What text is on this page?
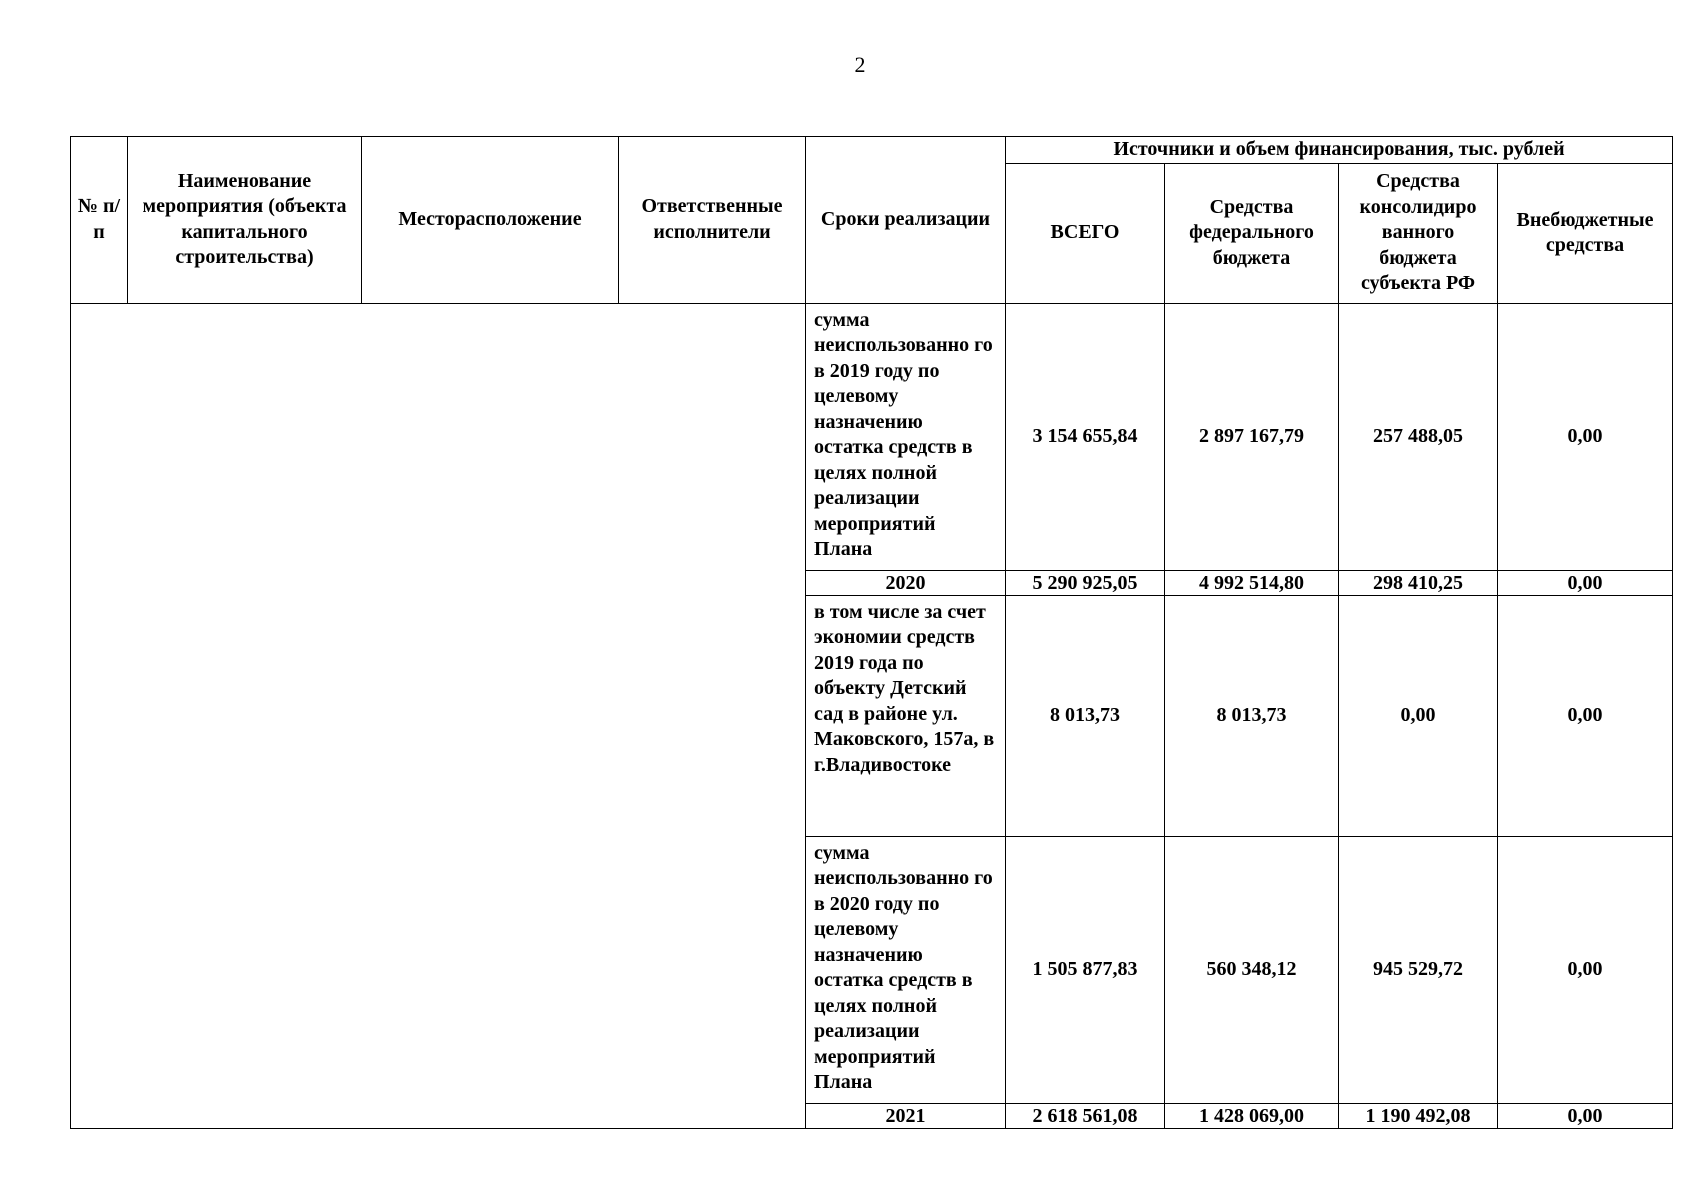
2
№ п/п	Наименование мероприятия (объекта капитального строительства)	Месторасположение	Ответственные исполнители	Сроки реализации	Источники и объем финансирования, тыс. рублей			
					ВСЕГО	Средства федерального бюджета	Средства консолидиро ванного бюджета субъекта РФ	Внебюджетные средства
				сумма неиспользованно го в 2019 году по целевому назначению остатка средств в целях полной реализации мероприятий Плана	3 154 655,84	2 897 167,79	257 488,05	0,00
				2020	5 290 925,05	4 992 514,80	298 410,25	0,00
				в том числе за счет экономии средств 2019 года по объекту Детский сад в районе ул. Маковского, 157а, в г.Владивостоке	8 013,73	8 013,73	0,00	0,00
				сумма неиспользованно го в 2020 году по целевому назначению остатка средств в целях полной реализации мероприятий Плана	1 505 877,83	560 348,12	945 529,72	0,00
				2021	2 618 561,08	1 428 069,00	1 190 492,08	0,00
